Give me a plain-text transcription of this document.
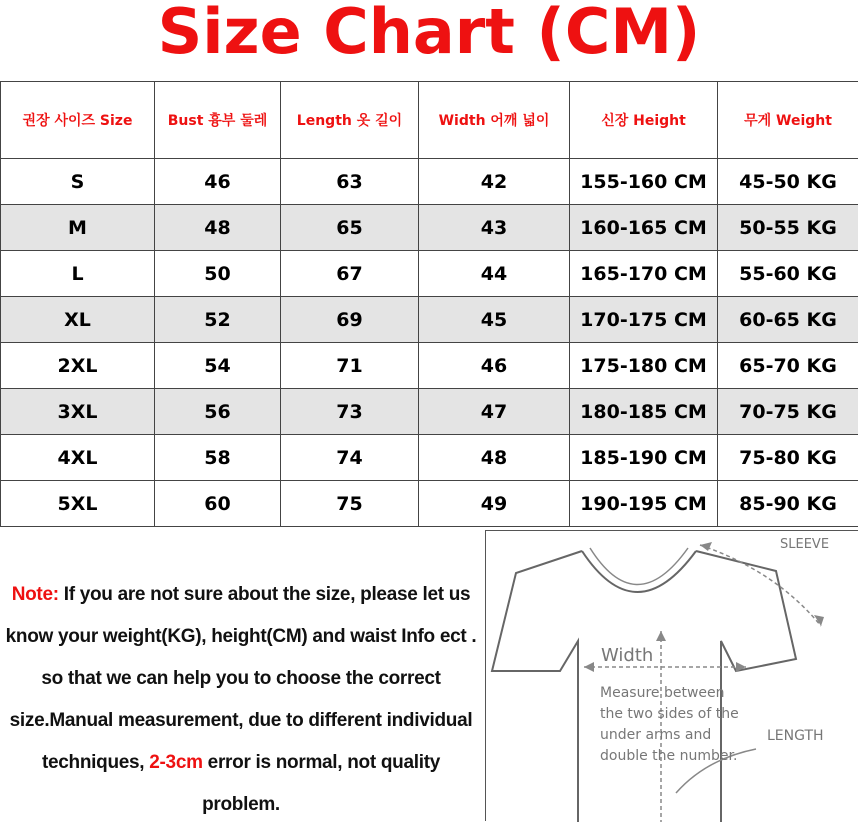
Size Chart (CM)
권장 사이즈 Size	Bust 흉부 둘레	Length 옷 길이	Width 어깨 넓이	신장 Height	무게 Weight
S	46	63	42	155-160 CM	45-50 KG
M	48	65	43	160-165 CM	50-55 KG
L	50	67	44	165-170 CM	55-60 KG
XL	52	69	45	170-175 CM	60-65 KG
2XL	54	71	46	175-180 CM	65-70 KG
3XL	56	73	47	180-185 CM	70-75 KG
4XL	58	74	48	185-190 CM	75-80 KG
5XL	60	75	49	190-195 CM	85-90 KG
Note: If you are not sure about the size, please let us know your weight(KG), height(CM) and waist Info ect . so that we can help you to choose the correct size.Manual measurement, due to different individual techniques, 2-3cm error is normal, not quality problem.
SLEEVE
Width
LENGTH
Measure between the two sides of the under arms and double the number.
